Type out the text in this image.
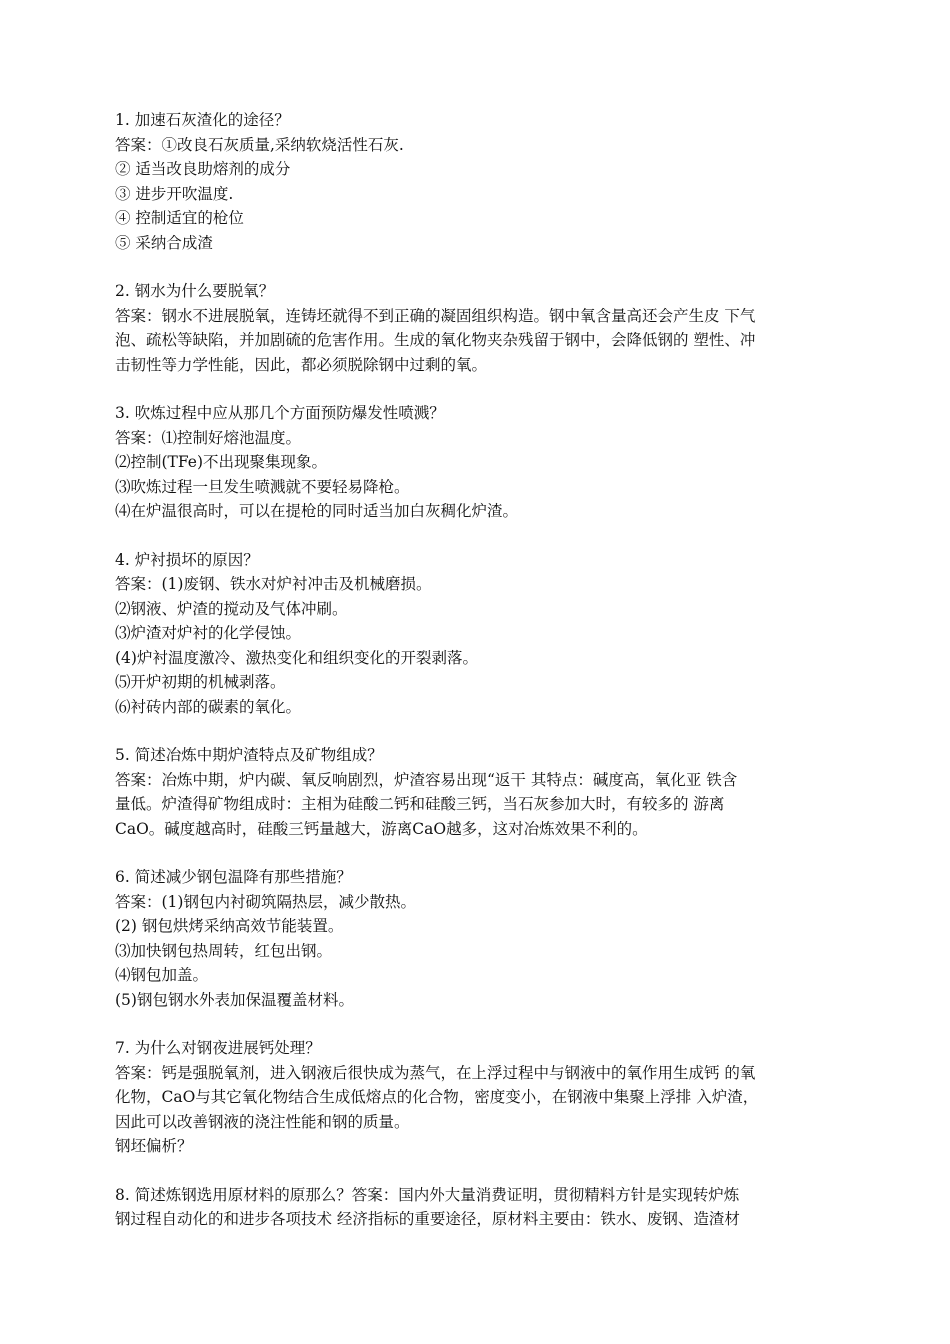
1. 加速石灰渣化的途径？
答案：①改良石灰质量,采纳软烧活性石灰.
② 适当改良助熔剂的成分
③ 进步开吹温度.
④ 控制适宜的枪位
⑤ 采纳合成渣
2. 钢水为什么要脱氧？
答案：钢水不进展脱氧，连铸坯就得不到正确的凝固组织构造。钢中氧含量高还会产生皮 下气
泡、疏松等缺陷，并加剧硫的危害作用。生成的氧化物夹杂残留于钢中，会降低钢的 塑性、冲
击韧性等力学性能，因此，都必须脱除钢中过剩的氧。
3. 吹炼过程中应从那几个方面预防爆发性喷溅？
答案：⑴控制好熔池温度。
⑵控制(TFe)不出现聚集现象。
⑶吹炼过程一旦发生喷溅就不要轻易降枪。
⑷在炉温很高时，可以在提枪的同时适当加白灰稠化炉渣。
4. 炉衬损坏的原因？
答案：(1)废钢、铁水对炉衬冲击及机械磨损。
⑵钢液、炉渣的搅动及气体冲刷。
⑶炉渣对炉衬的化学侵蚀。
(4)炉衬温度激冷、激热变化和组织变化的开裂剥落。
⑸开炉初期的机械剥落。
⑹衬砖内部的碳素的氧化。
5. 简述冶炼中期炉渣特点及矿物组成？
答案：冶炼中期，炉内碳、氧反响剧烈，炉渣容易出现“返干 其特点：碱度高，氧化亚 铁含
量低。炉渣得矿物组成时：主相为硅酸二钙和硅酸三钙，当石灰参加大时，有较多的 游离
CaO。碱度越高时，硅酸三钙量越大，游离CaO越多，这对冶炼效果不利的。
6. 简述减少钢包温降有那些措施？
答案：(1)钢包内衬砌筑隔热层，减少散热。
(2) 钢包烘烤采纳高效节能装置。
⑶加快钢包热周转，红包出钢。
⑷钢包加盖。
(5)钢包钢水外表加保温覆盖材料。
7. 为什么对钢夜进展钙处理？
答案：钙是强脱氧剂，进入钢液后很快成为蒸气，在上浮过程中与钢液中的氧作用生成钙 的氧
化物，CaO与其它氧化物结合生成低熔点的化合物，密度变小，在钢液中集聚上浮排 入炉渣，
因此可以改善钢液的浇注性能和钢的质量。
钢坯偏析？
8. 简述炼钢选用原材料的原那么？答案：国内外大量消费证明，贯彻精料方针是实现转炉炼
钢过程自动化的和进步各项技术 经济指标的重要途径，原材料主要由：铁水、废钢、造渣材
